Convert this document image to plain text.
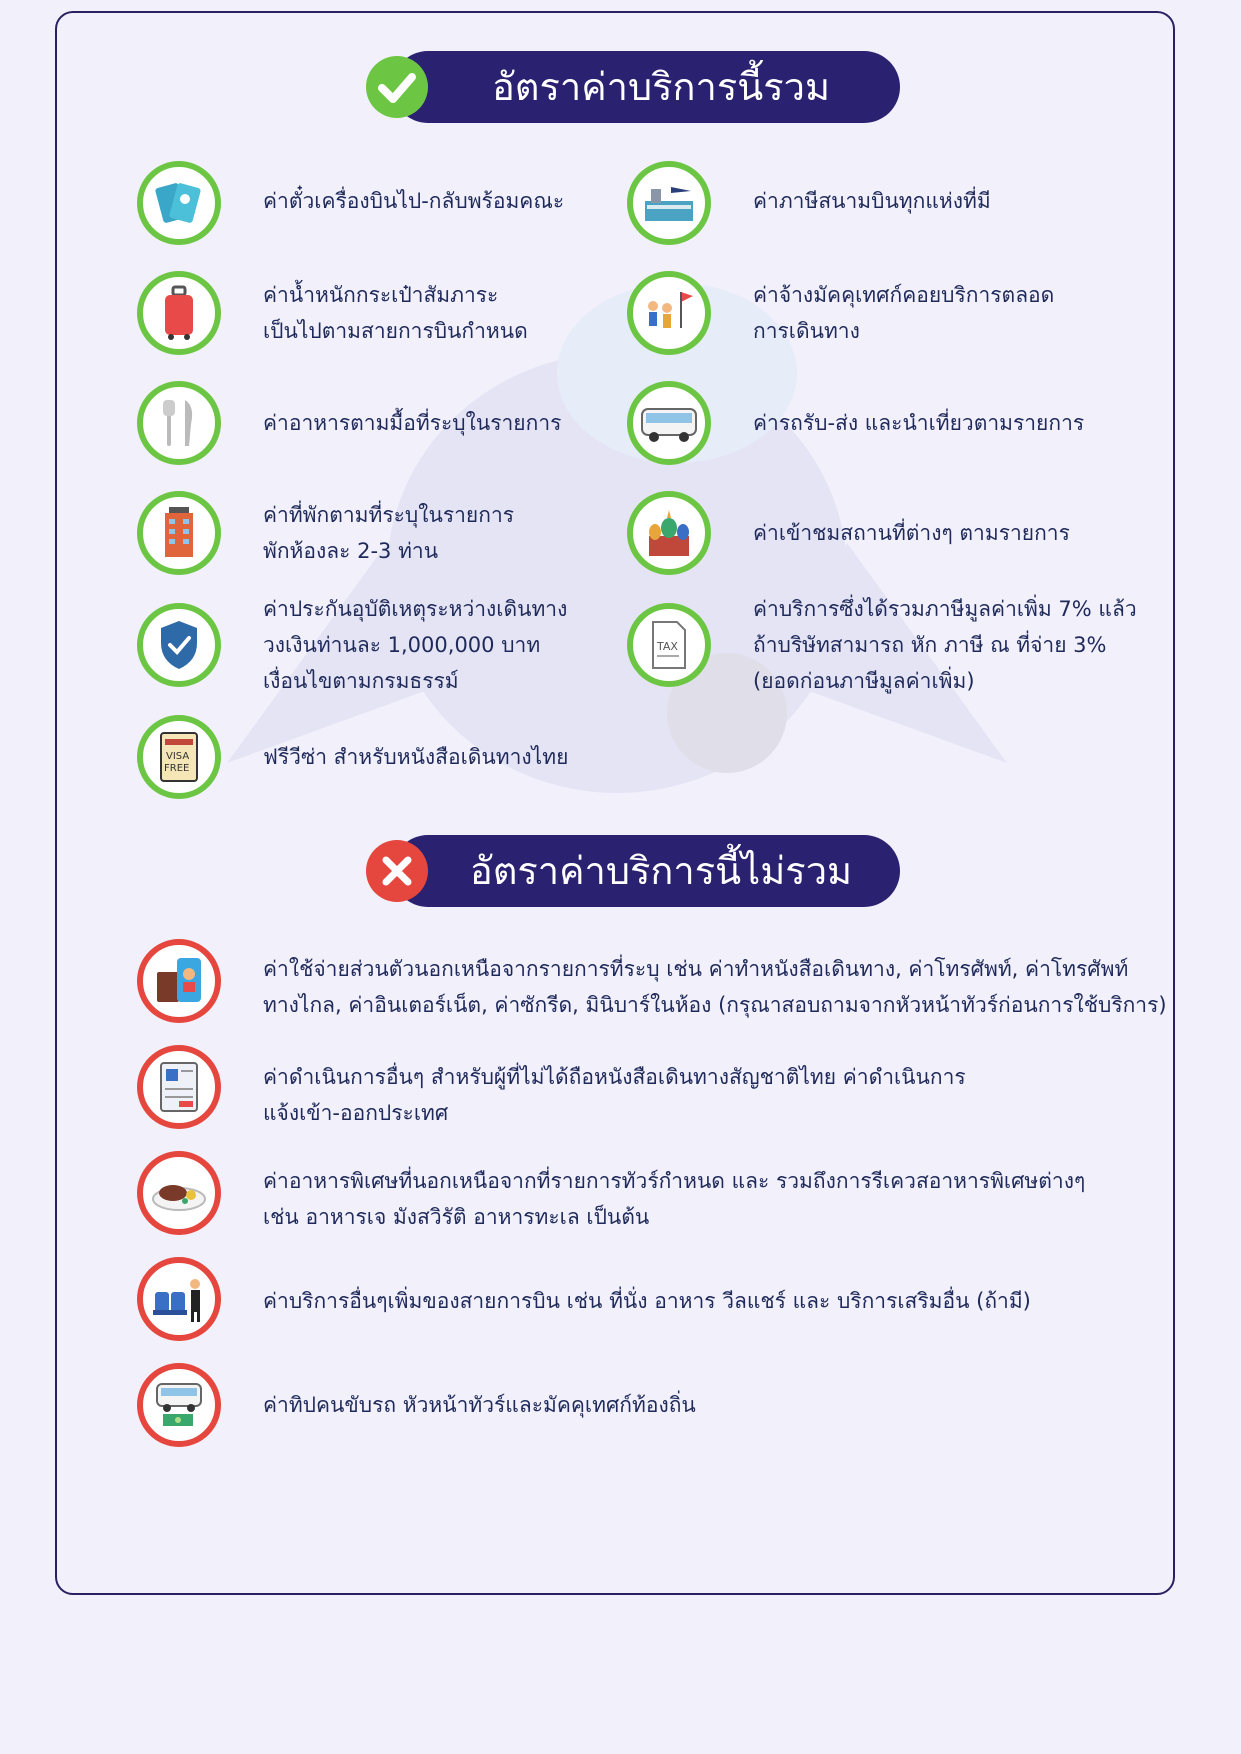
อัตราค่าบริการนี้รวม
ค่าตั๋วเครื่องบินไป-กลับพร้อมคณะ	ค่าภาษีสนามบินทุกแห่งที่มี
ค่าน้ำหนักกระเป๋าสัมภาระ
เป็นไปตามสายการบินกำหนด
ค่าจ้างมัคคุเทศก์คอยบริการตลอด
การเดินทาง
ค่าอาหารตามมื้อที่ระบุในรายการ	ค่ารถรับ-ส่ง และนำเที่ยวตามรายการ
ค่าที่พักตามที่ระบุในรายการ
พักห้องละ 2-3 ท่าน
ค่าเข้าชมสถานที่ต่างๆ ตามรายการ
ค่าประกันอุบัติเหตุระหว่างเดินทาง
วงเงินท่านละ 1,000,000 บาท
เงื่อนไขตามกรมธรรม์
TAX
ค่าบริการซึ่งได้รวมภาษีมูลค่าเพิ่ม 7% แล้ว
ถ้าบริษัทสามารถ หัก ภาษี ณ ที่จ่าย 3%
(ยอดก่อนภาษีมูลค่าเพิ่ม)
VISA
FREE	ฟรีวีซ่า สำหรับหนังสือเดินทางไทย
อัตราค่าบริการนี้ไม่รวม
ค่าใช้จ่ายส่วนตัวนอกเหนือจากรายการที่ระบุ เช่น ค่าทำหนังสือเดินทาง, ค่าโทรศัพท์, ค่าโทรศัพท์
ทางไกล, ค่าอินเตอร์เน็ต, ค่าซักรีด, มินิบาร์ในห้อง (กรุณาสอบถามจากหัวหน้าทัวร์ก่อนการใช้บริการ)
ค่าดำเนินการอื่นๆ สำหรับผู้ที่ไม่ได้ถือหนังสือเดินทางสัญชาติไทย ค่าดำเนินการ
แจ้งเข้า-ออกประเทศ
ค่าอาหารพิเศษที่นอกเหนือจากที่รายการทัวร์กำหนด และ รวมถึงการรีเควสอาหารพิเศษต่างๆ
เช่น อาหารเจ มังสวิรัติ อาหารทะเล เป็นต้น
ค่าบริการอื่นๆเพิ่มของสายการบิน เช่น ที่นั่ง อาหาร วีลแชร์ และ บริการเสริมอื่น (ถ้ามี)
ค่าทิปคนขับรถ หัวหน้าทัวร์และมัคคุเทศก์ท้องถิ่น
